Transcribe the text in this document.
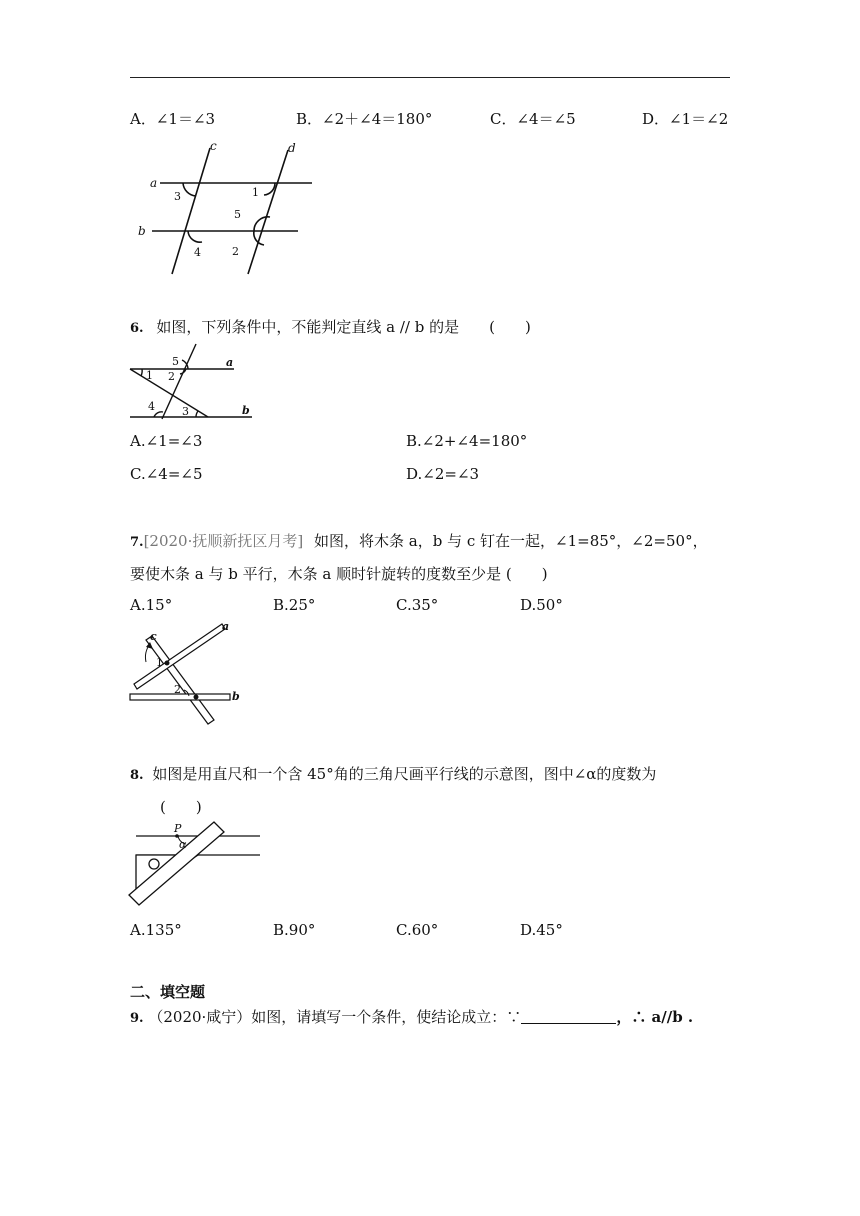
A．∠1＝∠3	B．∠2＋∠4＝180°	C．∠4＝∠5	D．∠1＝∠2
a
b
c	d
1
2
3
4
5
6. 如图，下列条件中，不能判定直线 a // b 的是　　(　　)
5	a
1 2
4 3	b
A.∠1=∠3	B.∠2+∠4=180°
C.∠4=∠5	D.∠2=∠3
7.[2020·抚顺新抚区月考] 如图，将木条 a，b 与 c 钉在一起，∠1=85°，∠2=50°，
要使木条 a 与 b 平行，木条 a 顺时针旋转的度数至少是 (　　)
A.15°	B.25°	C.35°	D.50°
c
a
b
1
2
8. 如图是用直尺和一个含 45°角的三角尺画平行线的示意图，图中∠α的度数为
(　　)
P
α
A.135°	B.90°	C.60°	D.45°
二、填空题
9. （2020·咸宁）如图，请填写一个条件，使结论成立：∵	，∴ a//b .
